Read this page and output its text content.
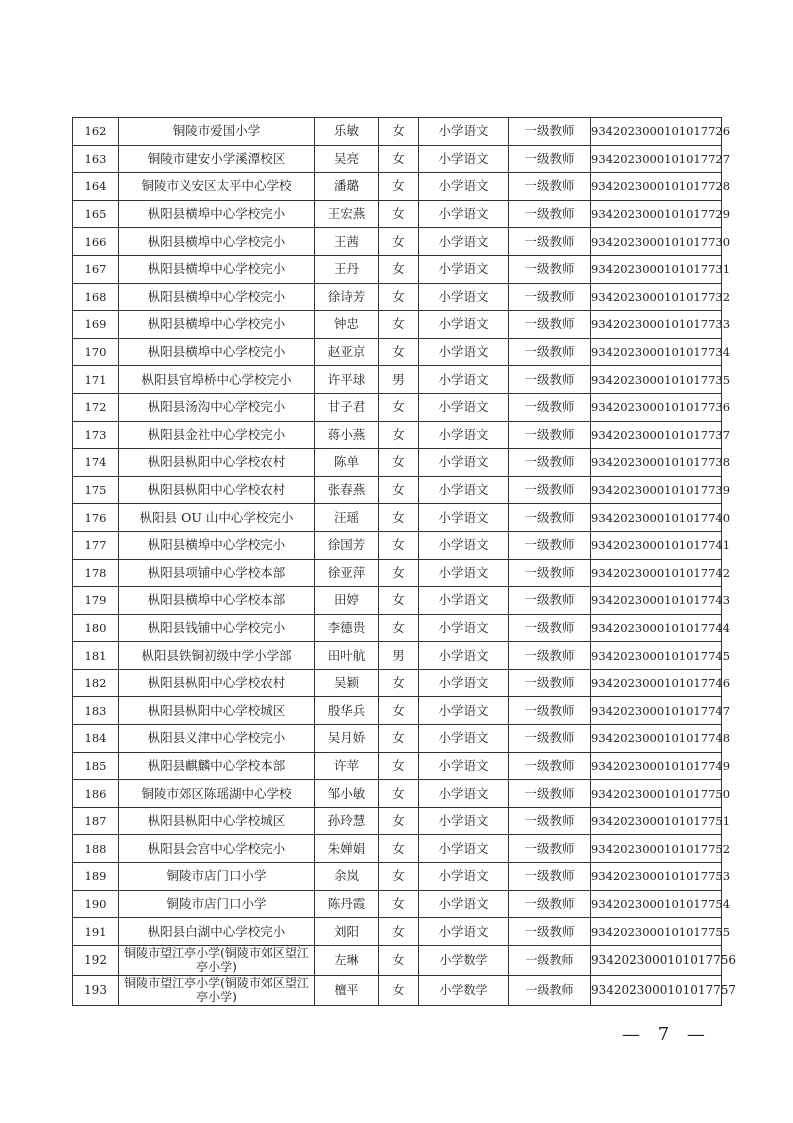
162	铜陵市爱国小学	乐敏	女	小学语文	一级教师	9342023000101017726
163	铜陵市建安小学溪潭校区	吴亮	女	小学语文	一级教师	9342023000101017727
164	铜陵市义安区太平中心学校	潘璐	女	小学语文	一级教师	9342023000101017728
165	枞阳县横埠中心学校完小	王宏燕	女	小学语文	一级教师	9342023000101017729
166	枞阳县横埠中心学校完小	王茜	女	小学语文	一级教师	9342023000101017730
167	枞阳县横埠中心学校完小	王丹	女	小学语文	一级教师	9342023000101017731
168	枞阳县横埠中心学校完小	徐诗芳	女	小学语文	一级教师	9342023000101017732
169	枞阳县横埠中心学校完小	钟忠	女	小学语文	一级教师	9342023000101017733
170	枞阳县横埠中心学校完小	赵亚京	女	小学语文	一级教师	9342023000101017734
171	枞阳县官埠桥中心学校完小	许平球	男	小学语文	一级教师	9342023000101017735
172	枞阳县汤沟中心学校完小	甘子君	女	小学语文	一级教师	9342023000101017736
173	枞阳县金社中心学校完小	蒋小燕	女	小学语文	一级教师	9342023000101017737
174	枞阳县枞阳中心学校农村	陈单	女	小学语文	一级教师	9342023000101017738
175	枞阳县枞阳中心学校农村	张春燕	女	小学语文	一级教师	9342023000101017739
176	枞阳县 OU 山中心学校完小	汪瑶	女	小学语文	一级教师	9342023000101017740
177	枞阳县横埠中心学校完小	徐国芳	女	小学语文	一级教师	9342023000101017741
178	枞阳县项铺中心学校本部	徐亚萍	女	小学语文	一级教师	9342023000101017742
179	枞阳县横埠中心学校本部	田婷	女	小学语文	一级教师	9342023000101017743
180	枞阳县钱铺中心学校完小	李德贵	女	小学语文	一级教师	9342023000101017744
181	枞阳县铁铜初级中学小学部	田叶航	男	小学语文	一级教师	9342023000101017745
182	枞阳县枞阳中心学校农村	吴颖	女	小学语文	一级教师	9342023000101017746
183	枞阳县枞阳中心学校城区	殷华兵	女	小学语文	一级教师	9342023000101017747
184	枞阳县义津中心学校完小	吴月娇	女	小学语文	一级教师	9342023000101017748
185	枞阳县麒麟中心学校本部	许苹	女	小学语文	一级教师	9342023000101017749
186	铜陵市郊区陈瑶湖中心学校	邹小敏	女	小学语文	一级教师	9342023000101017750
187	枞阳县枞阳中心学校城区	孙玲慧	女	小学语文	一级教师	9342023000101017751
188	枞阳县会宫中心学校完小	朱婵娟	女	小学语文	一级教师	9342023000101017752
189	铜陵市店门口小学	余岚	女	小学语文	一级教师	9342023000101017753
190	铜陵市店门口小学	陈丹霞	女	小学语文	一级教师	9342023000101017754
191	枞阳县白湖中心学校完小	刘阳	女	小学语文	一级教师	9342023000101017755
192	铜陵市望江亭小学(铜陵市郊区望江亭小学)	左琳	女	小学数学	一级教师	9342023000101017756
193	铜陵市望江亭小学(铜陵市郊区望江亭小学)	檀平	女	小学数学	一级教师	9342023000101017757
— 7 —
